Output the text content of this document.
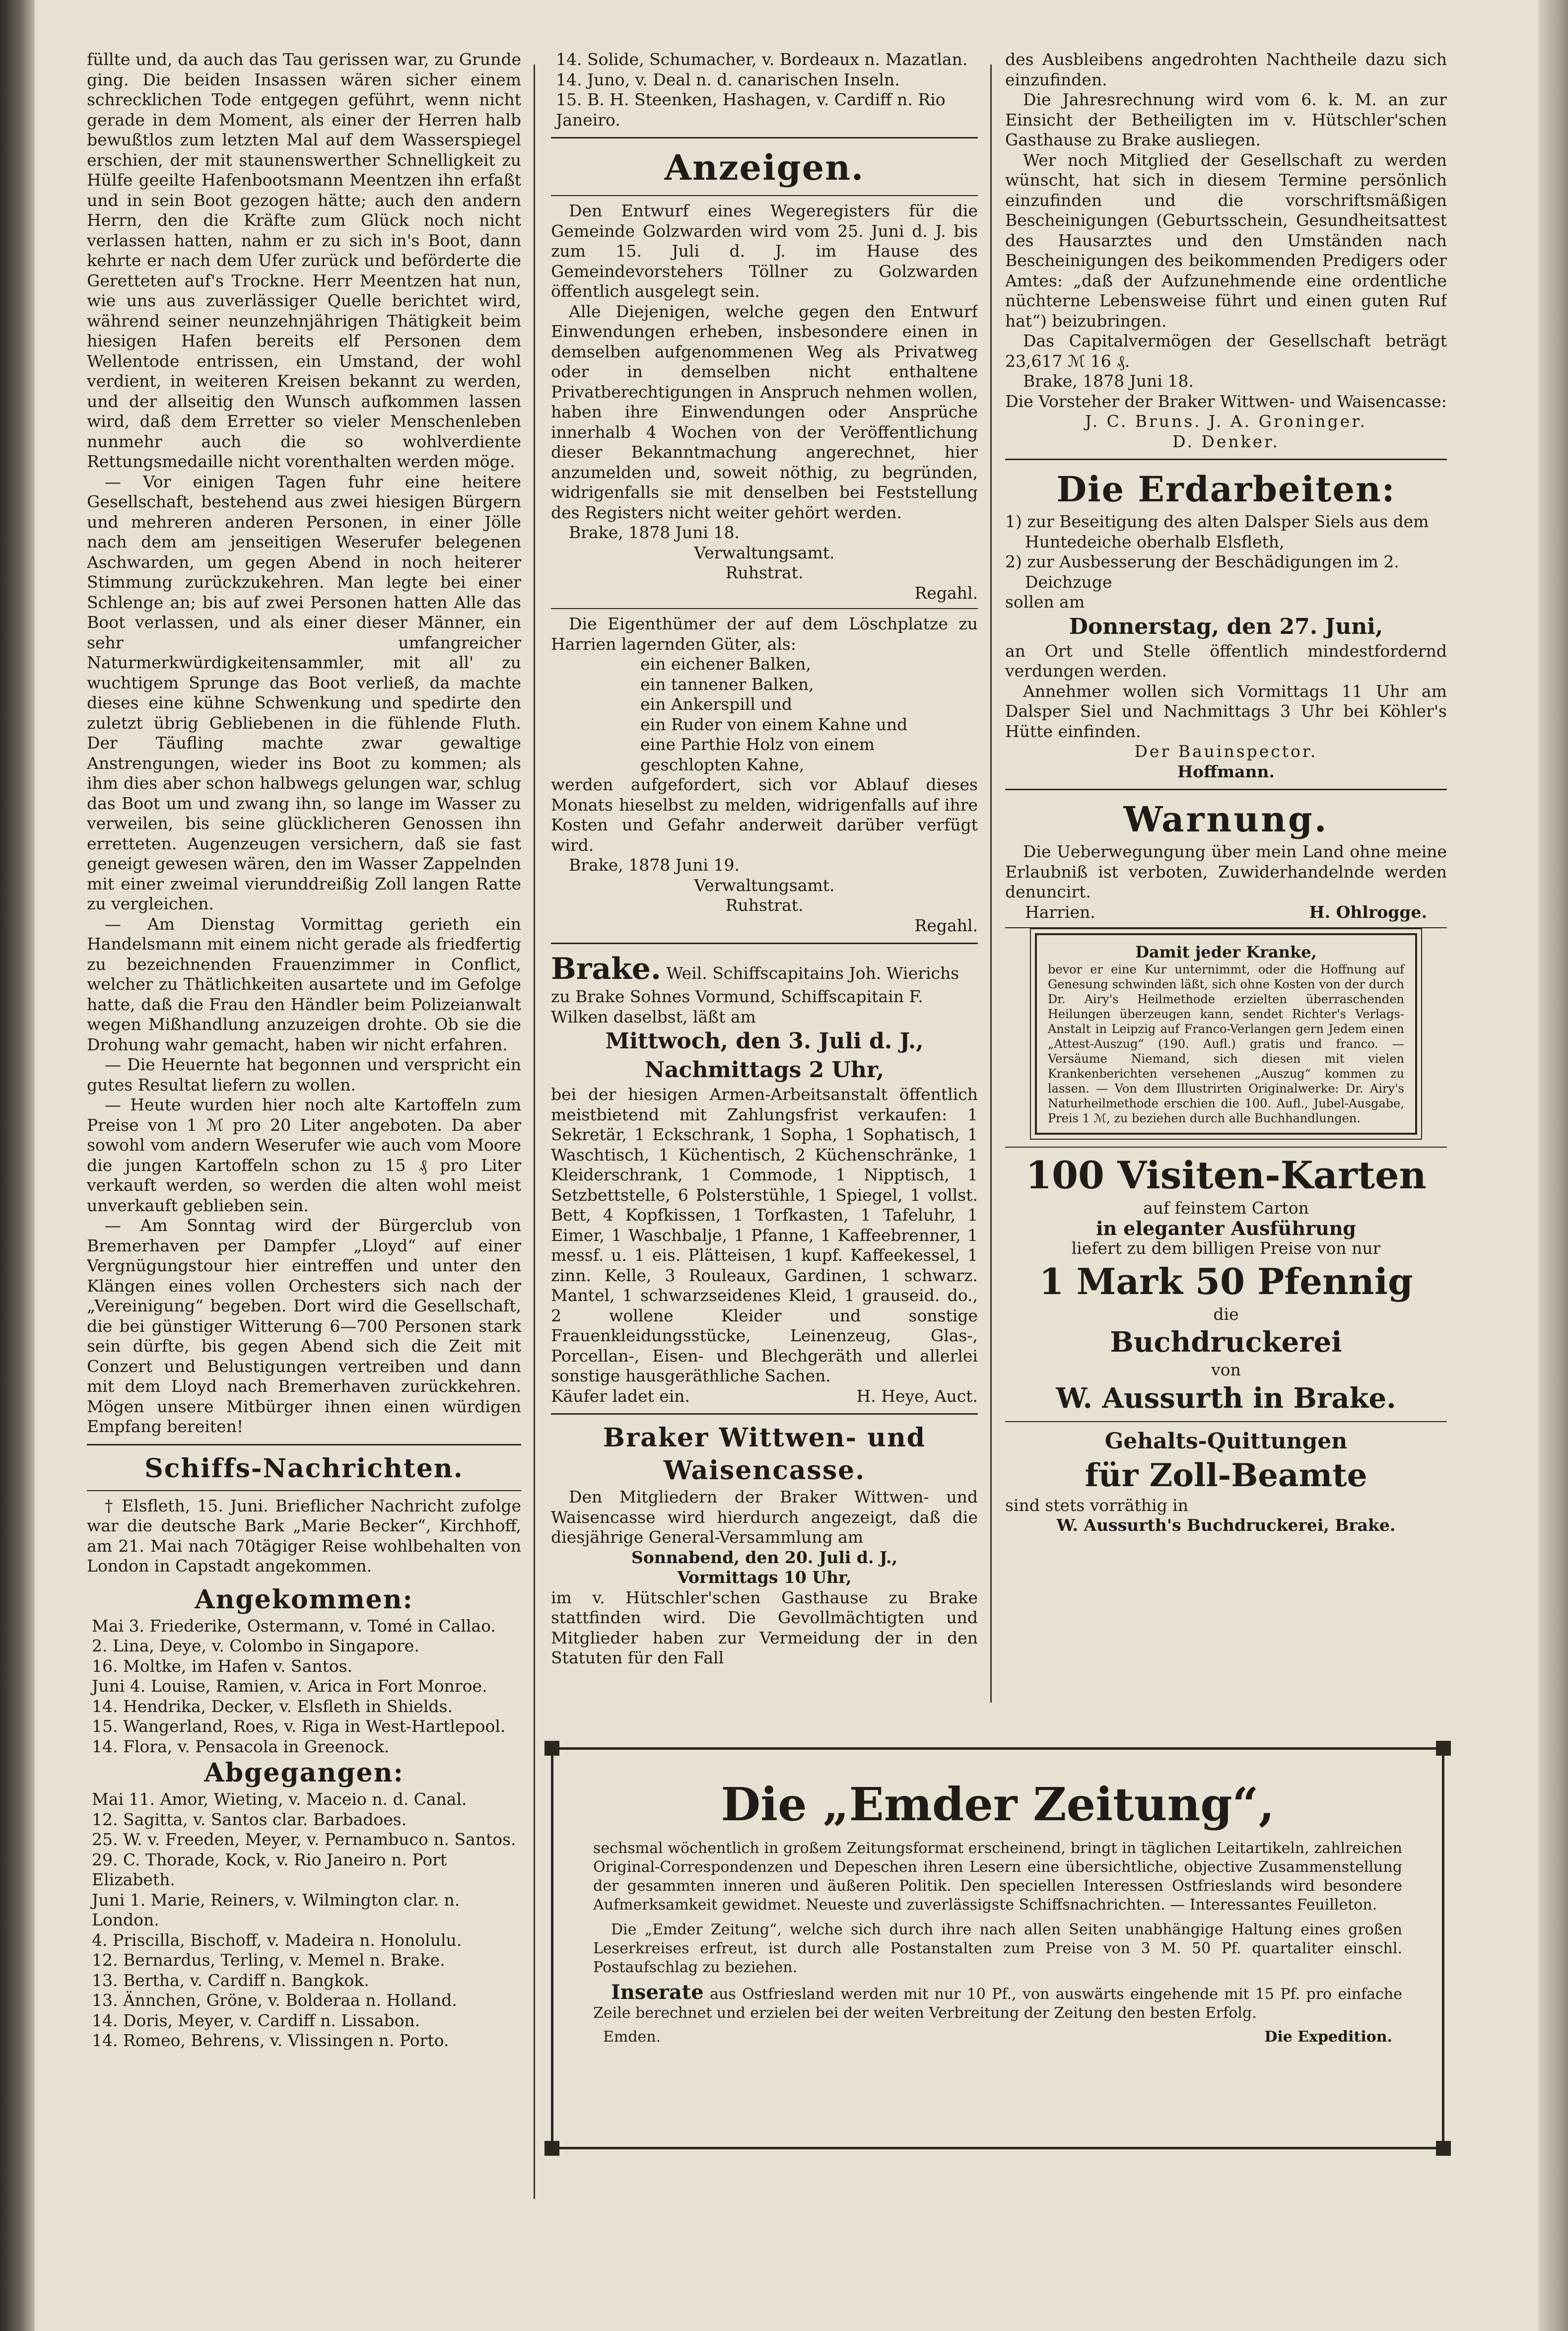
füllte und, da auch das Tau gerissen war, zu Grunde ging. Die beiden Insassen wären sicher einem schrecklichen Tode entgegen geführt, wenn nicht gerade in dem Moment, als einer der Herren halb bewußtlos zum letzten Mal auf dem Wasserspiegel erschien, der mit staunenswerther Schnelligkeit zu Hülfe geeilte Hafenbootsmann Meentzen ihn erfaßt und in sein Boot gezogen hätte; auch den andern Herrn, den die Kräfte zum Glück noch nicht verlassen hatten, nahm er zu sich in's Boot, dann kehrte er nach dem Ufer zurück und beförderte die Geretteten auf's Trockne. Herr Meentzen hat nun, wie uns aus zuverlässiger Quelle berichtet wird, während seiner neunzehnjährigen Thätigkeit beim hiesigen Hafen bereits elf Personen dem Wellentode entrissen, ein Umstand, der wohl verdient, in weiteren Kreisen bekannt zu werden, und der allseitig den Wunsch aufkommen lassen wird, daß dem Erretter so vieler Menschenleben nunmehr auch die so wohlverdiente Rettungsmedaille nicht vorenthalten werden möge.

— Vor einigen Tagen fuhr eine heitere Gesellschaft, bestehend aus zwei hiesigen Bürgern und mehreren anderen Personen, in einer Jölle nach dem am jenseitigen Weserufer belegenen Aschwarden, um gegen Abend in noch heiterer Stimmung zurückzukehren. Man legte bei einer Schlenge an; bis auf zwei Personen hatten Alle das Boot verlassen, und als einer dieser Männer, ein sehr umfangreicher Naturmerkwürdigkeitensammler, mit all' zu wuchtigem Sprunge das Boot verließ, da machte dieses eine kühne Schwenkung und spedirte den zuletzt übrig Gebliebenen in die fühlende Fluth. Der Täufling machte zwar gewaltige Anstrengungen, wieder ins Boot zu kommen; als ihm dies aber schon halbwegs gelungen war, schlug das Boot um und zwang ihn, so lange im Wasser zu verweilen, bis seine glücklicheren Genossen ihn erretteten. Augenzeugen versichern, daß sie fast geneigt gewesen wären, den im Wasser Zappelnden mit einer zweimal vierunddreißig Zoll langen Ratte zu vergleichen.

— Am Dienstag Vormittag gerieth ein Handelsmann mit einem nicht gerade als friedfertig zu bezeichnenden Frauenzimmer in Conflict, welcher zu Thätlichkeiten ausartete und im Gefolge hatte, daß die Frau den Händler beim Polizeianwalt wegen Mißhandlung anzuzeigen drohte. Ob sie die Drohung wahr gemacht, haben wir nicht erfahren.

— Die Heuernte hat begonnen und verspricht ein gutes Resultat liefern zu wollen.

— Heute wurden hier noch alte Kartoffeln zum Preise von 1 ℳ pro 20 Liter angeboten. Da aber sowohl vom andern Weserufer wie auch vom Moore die jungen Kartoffeln schon zu 15 ₰ pro Liter verkauft werden, so werden die alten wohl meist unverkauft geblieben sein.

— Am Sonntag wird der Bürgerclub von Bremerhaven per Dampfer „Lloyd“ auf einer Vergnügungstour hier eintreffen und unter den Klängen eines vollen Orchesters sich nach der „Vereinigung“ begeben. Dort wird die Gesellschaft, die bei günstiger Witterung 6—700 Personen stark sein dürfte, bis gegen Abend sich die Zeit mit Conzert und Belustigungen vertreiben und dann mit dem Lloyd nach Bremerhaven zurückkehren. Mögen unsere Mitbürger ihnen einen würdigen Empfang bereiten!

Schiffs-Nachrichten.

† Elsfleth, 15. Juni. Brieflicher Nachricht zufolge war die deutsche Bark „Marie Becker“, Kirchhoff, am 21. Mai nach 70tägiger Reise wohlbehalten von London in Capstadt angekommen.

Angekommen:

Mai 3. Friederike, Ostermann, v. Tomé in Callao.

2. Lina, Deye, v. Colombo in Singapore.

16. Moltke, im Hafen v. Santos.

Juni 4. Louise, Ramien, v. Arica in Fort Monroe.

14. Hendrika, Decker, v. Elsfleth in Shields.

15. Wangerland, Roes, v. Riga in West-Hartlepool.

14. Flora, v. Pensacola in Greenock.

Abgegangen:

Mai 11. Amor, Wieting, v. Maceio n. d. Canal.

12. Sagitta, v. Santos clar. Barbadoes.

25. W. v. Freeden, Meyer, v. Pernambuco n. Santos.

29. C. Thorade, Kock, v. Rio Janeiro n. Port Elizabeth.

Juni 1. Marie, Reiners, v. Wilmington clar. n. London.

4. Priscilla, Bischoff, v. Madeira n. Honolulu.

12. Bernardus, Terling, v. Memel n. Brake.

13. Bertha, v. Cardiff n. Bangkok.

13. Ännchen, Gröne, v. Bolderaa n. Holland.

14. Doris, Meyer, v. Cardiff n. Lissabon.

14. Romeo, Behrens, v. Vlissingen n. Porto.

14. Solide, Schumacher, v. Bordeaux n. Mazatlan.

14. Juno, v. Deal n. d. canarischen Inseln.

15. B. H. Steenken, Hashagen, v. Cardiff n. Rio Janeiro.

Anzeigen.

Den Entwurf eines Wegeregisters für die Gemeinde Golzwarden wird vom 25. Juni d. J. bis zum 15. Juli d. J. im Hause des Gemeindevorstehers Töllner zu Golzwarden öffentlich ausgelegt sein.

Alle Diejenigen, welche gegen den Entwurf Einwendungen erheben, insbesondere einen in demselben aufgenommenen Weg als Privatweg oder in demselben nicht enthaltene Privatberechtigungen in Anspruch nehmen wollen, haben ihre Einwendungen oder Ansprüche innerhalb 4 Wochen von der Veröffentlichung dieser Bekanntmachung angerechnet, hier anzumelden und, soweit nöthig, zu begründen, widrigenfalls sie mit denselben bei Feststellung des Registers nicht weiter gehört werden.

Brake, 1878 Juni 18.

Verwaltungsamt.

Ruhstrat.

Regahl.

Die Eigenthümer der auf dem Löschplatze zu Harrien lagernden Güter, als:

ein eichener Balken,

ein tannener Balken,

ein Ankerspill und

ein Ruder von einem Kahne und

eine Parthie Holz von einem geschlopten Kahne,

werden aufgefordert, sich vor Ablauf dieses Monats hieselbst zu melden, widrigenfalls auf ihre Kosten und Gefahr anderweit darüber verfügt wird.

Brake, 1878 Juni 19.

Verwaltungsamt.

Ruhstrat.

Regahl.

Brake. Weil. Schiffscapitains Joh. Wierichs zu Brake Sohnes Vormund, Schiffscapitain F. Wilken daselbst, läßt am

Mittwoch, den 3. Juli d. J.,

Nachmittags 2 Uhr,

bei der hiesigen Armen-Arbeitsanstalt öffentlich meistbietend mit Zahlungsfrist verkaufen: 1 Sekretär, 1 Eckschrank, 1 Sopha, 1 Sophatisch, 1 Waschtisch, 1 Küchentisch, 2 Küchenschränke, 1 Kleiderschrank, 1 Commode, 1 Nipptisch, 1 Setzbettstelle, 6 Polsterstühle, 1 Spiegel, 1 vollst. Bett, 4 Kopfkissen, 1 Torfkasten, 1 Tafeluhr, 1 Eimer, 1 Waschbalje, 1 Pfanne, 1 Kaffeebrenner, 1 messf. u. 1 eis. Plätteisen, 1 kupf. Kaffeekessel, 1 zinn. Kelle, 3 Rouleaux, Gardinen, 1 schwarz. Mantel, 1 schwarzseidenes Kleid, 1 grauseid. do., 2 wollene Kleider und sonstige Frauenkleidungsstücke, Leinenzeug, Glas-, Porcellan-, Eisen- und Blechgeräth und allerlei sonstige hausgeräthliche Sachen.

Käufer ladet ein.	H. Heye, Auct.

Braker Wittwen- und Waisencasse.

Den Mitgliedern der Braker Wittwen- und Waisencasse wird hierdurch angezeigt, daß die diesjährige General-Versammlung am

Sonnabend, den 20. Juli d. J.,

Vormittags 10 Uhr,

im v. Hütschler'schen Gasthause zu Brake stattfinden wird. Die Gevollmächtigten und Mitglieder haben zur Vermeidung der in den Statuten für den Fall

des Ausbleibens angedrohten Nachtheile dazu sich einzufinden.

Die Jahresrechnung wird vom 6. k. M. an zur Einsicht der Betheiligten im v. Hütschler'schen Gasthause zu Brake ausliegen.

Wer noch Mitglied der Gesellschaft zu werden wünscht, hat sich in diesem Termine persönlich einzufinden und die vorschriftsmäßigen Bescheinigungen (Geburtsschein, Gesundheitsattest des Hausarztes und den Umständen nach Bescheinigungen des beikommenden Predigers oder Amtes: „daß der Aufzunehmende eine ordentliche nüchterne Lebensweise führt und einen guten Ruf hat“) beizubringen.

Das Capitalvermögen der Gesellschaft beträgt 23,617 ℳ 16 ₰.

Brake, 1878 Juni 18.

Die Vorsteher der Braker Wittwen- und Waisencasse:

J. C. Bruns. J. A. Groninger.

D. Denker.

Die Erdarbeiten:

1) zur Beseitigung des alten Dalsper Siels aus dem Huntedeiche oberhalb Elsfleth,

2) zur Ausbesserung der Beschädigungen im 2. Deichzuge

sollen am

Donnerstag, den 27. Juni,

an Ort und Stelle öffentlich mindestfordernd verdungen werden.

Annehmer wollen sich Vormittags 11 Uhr am Dalsper Siel und Nachmittags 3 Uhr bei Köhler's Hütte einfinden.

Der Bauinspector.

Hoffmann.

Warnung.

Die Ueberwegungung über mein Land ohne meine Erlaubniß ist verboten, Zuwiderhandelnde werden denuncirt.

Harrien.	H. Ohlrogge.

Damit jeder Kranke,

bevor er eine Kur unternimmt, oder die Hoffnung auf Genesung schwinden läßt, sich ohne Kosten von der durch Dr. Airy's Heilmethode erzielten überraschenden Heilungen überzeugen kann, sendet Richter's Verlags-Anstalt in Leipzig auf Franco-Verlangen gern Jedem einen „Attest-Auszug“ (190. Aufl.) gratis und franco. — Versäume Niemand, sich diesen mit vielen Krankenberichten versehenen „Auszug“ kommen zu lassen. — Von dem Illustrirten Originalwerke: Dr. Airy's Naturheilmethode erschien die 100. Aufl., Jubel-Ausgabe, Preis 1 ℳ, zu beziehen durch alle Buchhandlungen.

100 Visiten-Karten

auf feinstem Carton

in eleganter Ausführung

liefert zu dem billigen Preise von nur

1 Mark 50 Pfennig

die

Buchdruckerei

von

W. Aussurth in Brake.

Gehalts-Quittungen

für Zoll-Beamte

sind stets vorräthig in

W. Aussurth's Buchdruckerei, Brake.

Die „Emder Zeitung“,

sechsmal wöchentlich in großem Zeitungsformat erscheinend, bringt in täglichen Leitartikeln, zahlreichen Original-Correspondenzen und Depeschen ihren Lesern eine übersichtliche, objective Zusammenstellung der gesammten inneren und äußeren Politik. Den speciellen Interessen Ostfrieslands wird besondere Aufmerksamkeit gewidmet. Neueste und zuverlässigste Schiffsnachrichten. — Interessantes Feuilleton.

Die „Emder Zeitung“, welche sich durch ihre nach allen Seiten unabhängige Haltung eines großen Leserkreises erfreut, ist durch alle Postanstalten zum Preise von 3 M. 50 Pf. quartaliter einschl. Postaufschlag zu beziehen.

Inserate aus Ostfriesland werden mit nur 10 Pf., von auswärts eingehende mit 15 Pf. pro einfache Zeile berechnet und erzielen bei der weiten Verbreitung der Zeitung den besten Erfolg.

Emden.	Die Expedition.
